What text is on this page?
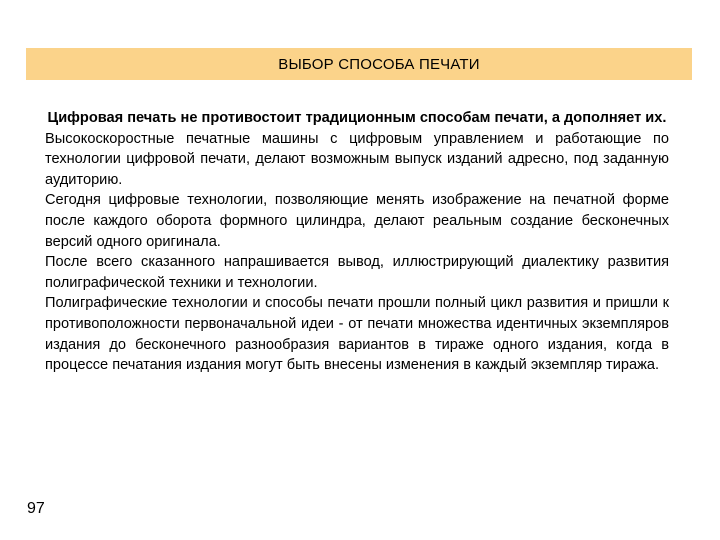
ВЫБОР СПОСОБА ПЕЧАТИ

Цифровая печать не противостоит традиционным способам печати, а дополняет их.

Высокоскоростные печатные машины с цифровым управлением и работающие по технологии цифровой печати, делают возможным выпуск изданий адресно, под заданную аудиторию.

Сегодня цифровые технологии, позволяющие менять изображение на печатной форме после каждого оборота формного цилиндра, делают реальным создание бесконечных версий одного оригинала.

После всего сказанного напрашивается вывод, иллюстрирующий диалектику развития полиграфической техники и технологии.

Полиграфические технологии и способы печати прошли полный цикл развития и пришли к противоположности первоначальной идеи - от печати множества идентичных экземпляров издания до бесконечного разнообразия вариантов в тираже одного издания, когда в процессе печатания издания могут быть внесены изменения в каждый экземпляр тиража.

97
